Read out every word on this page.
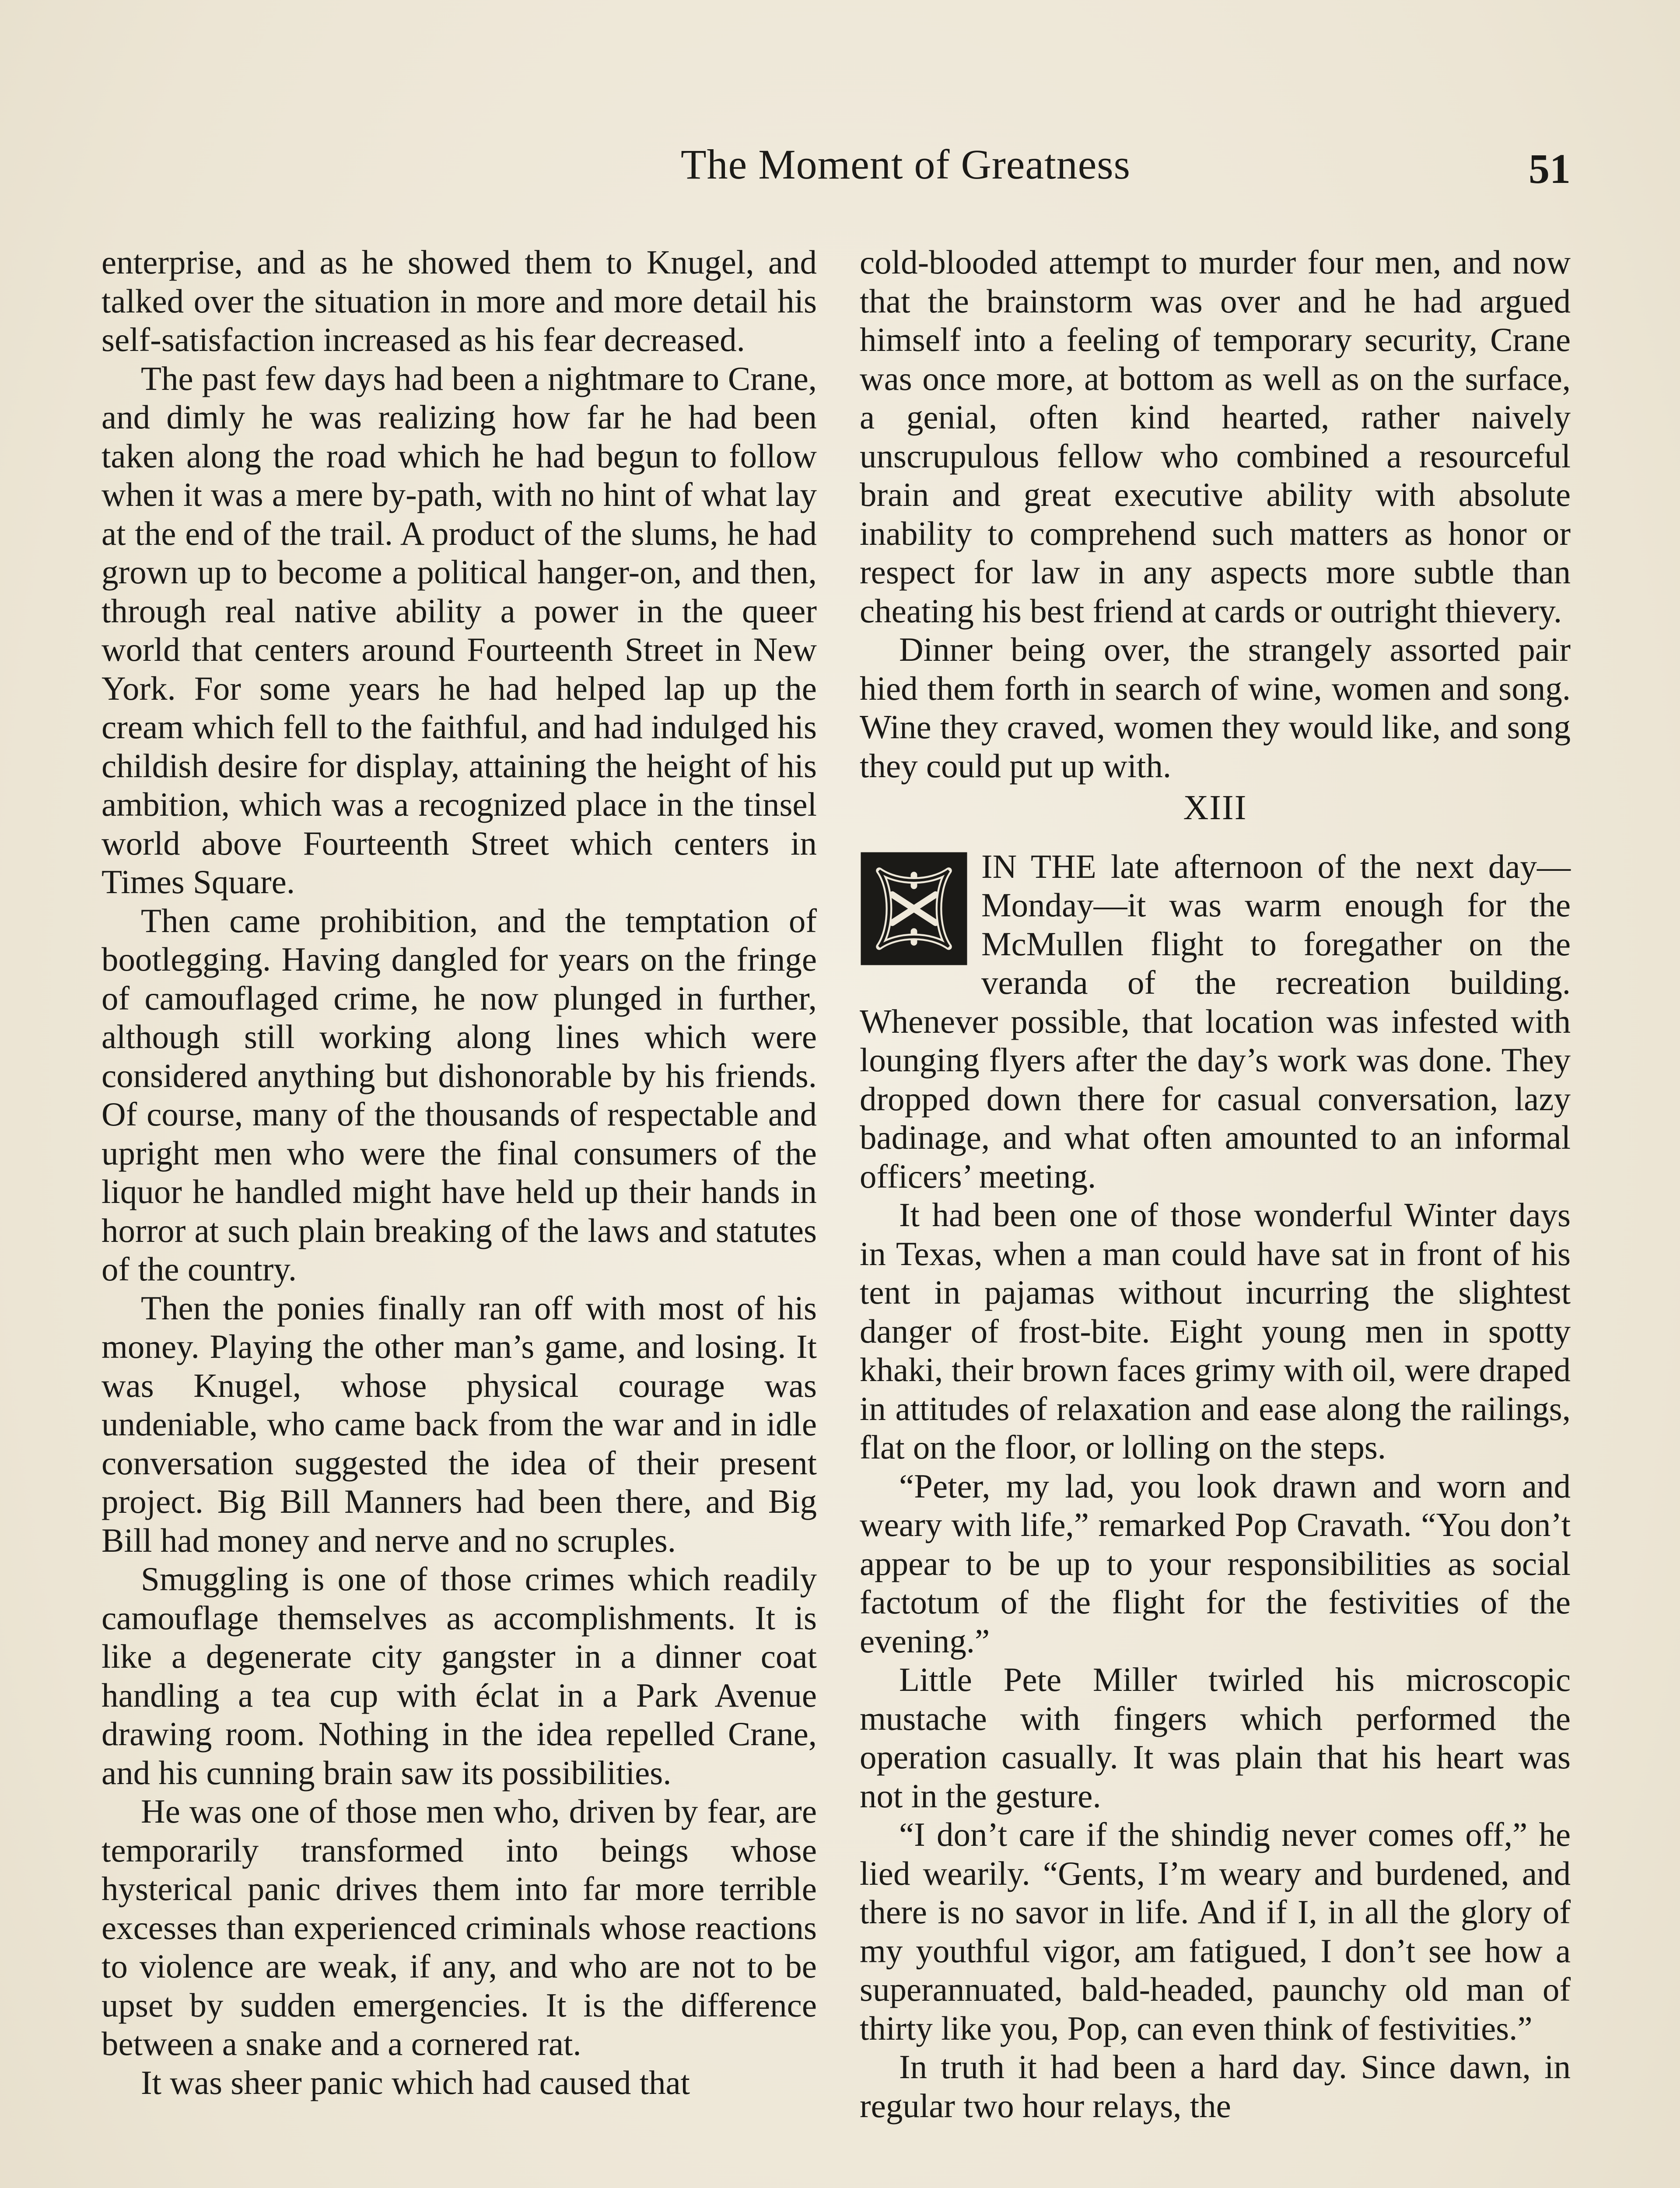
The Moment of Greatness	51

enterprise, and as he showed them to Knugel, and talked over the situation in more and more detail his self-satisfaction increased as his fear decreased.

The past few days had been a nightmare to Crane, and dimly he was realizing how far he had been taken along the road which he had begun to follow when it was a mere by-path, with no hint of what lay at the end of the trail. A product of the slums, he had grown up to become a political hanger-on, and then, through real native ability a power in the queer world that centers around Fourteenth Street in New York. For some years he had helped lap up the cream which fell to the faithful, and had indulged his childish desire for display, attaining the height of his ambition, which was a recognized place in the tinsel world above Fourteenth Street which centers in Times Square.

Then came prohibition, and the temptation of bootlegging. Having dangled for years on the fringe of camouflaged crime, he now plunged in further, although still working along lines which were considered anything but dishonorable by his friends. Of course, many of the thousands of respectable and upright men who were the final consumers of the liquor he handled might have held up their hands in horror at such plain breaking of the laws and statutes of the country.

Then the ponies finally ran off with most of his money. Playing the other man’s game, and losing. It was Knugel, whose physical courage was undeniable, who came back from the war and in idle conversation suggested the idea of their present project. Big Bill Manners had been there, and Big Bill had money and nerve and no scruples.

Smuggling is one of those crimes which readily camouflage themselves as accomplishments. It is like a degenerate city gangster in a dinner coat handling a tea cup with éclat in a Park Avenue drawing room. Nothing in the idea repelled Crane, and his cunning brain saw its possibilities.

He was one of those men who, driven by fear, are temporarily transformed into beings whose hysterical panic drives them into far more terrible excesses than experienced criminals whose reactions to violence are weak, if any, and who are not to be upset by sudden emergencies. It is the difference between a snake and a cornered rat.

It was sheer panic which had caused that

cold-blooded attempt to murder four men, and now that the brainstorm was over and he had argued himself into a feeling of temporary security, Crane was once more, at bottom as well as on the surface, a genial, often kind hearted, rather naively unscrupulous fellow who combined a resourceful brain and great executive ability with absolute inability to comprehend such matters as honor or respect for law in any aspects more subtle than cheating his best friend at cards or outright thievery.

Dinner being over, the strangely assorted pair hied them forth in search of wine, women and song. Wine they craved, women they would like, and song they could put up with.

XIII

IN THE late afternoon of the next day—Monday—it was warm enough for the McMullen flight to foregather on the veranda of the recreation building. Whenever possible, that location was infested with lounging flyers after the day’s work was done. They dropped down there for casual conversation, lazy badinage, and what often amounted to an informal officers’ meeting.

It had been one of those wonderful Winter days in Texas, when a man could have sat in front of his tent in pajamas without incurring the slightest danger of frost-bite. Eight young men in spotty khaki, their brown faces grimy with oil, were draped in attitudes of relaxation and ease along the railings, flat on the floor, or lolling on the steps.

“Peter, my lad, you look drawn and worn and weary with life,” remarked Pop Cravath. “You don’t appear to be up to your responsibilities as social factotum of the flight for the festivities of the evening.”

Little Pete Miller twirled his microscopic mustache with fingers which performed the operation casually. It was plain that his heart was not in the gesture.

“I don’t care if the shindig never comes off,” he lied wearily. “Gents, I’m weary and burdened, and there is no savor in life. And if I, in all the glory of my youthful vigor, am fatigued, I don’t see how a superannuated, bald-headed, paunchy old man of thirty like you, Pop, can even think of festivities.”

In truth it had been a hard day. Since dawn, in regular two hour relays, the
